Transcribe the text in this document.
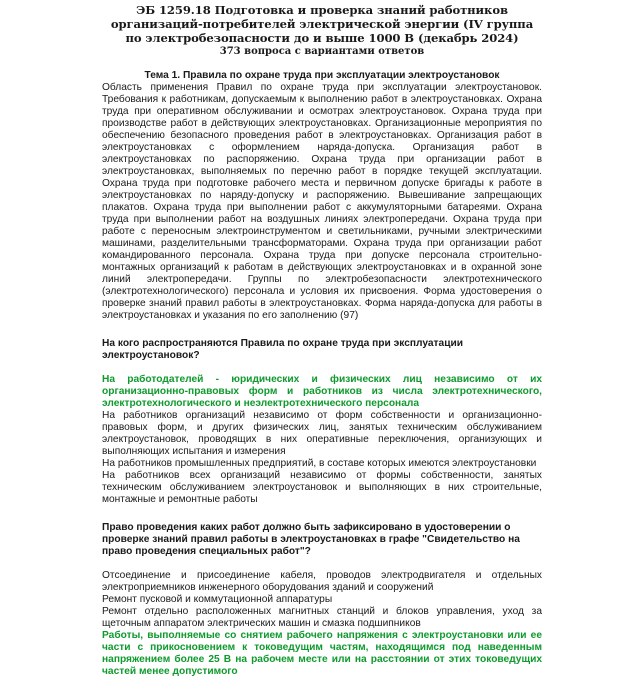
ЭБ 1259.18 Подготовка и проверка знаний работников организаций-потребителей электрической энергии (IV группа по электробезопасности до и выше 1000 В (декабрь 2024)
373 вопроса с вариантами ответов
Тема 1. Правила по охране труда при эксплуатации электроустановок

Область применения Правил по охране труда при эксплуатации электроустановок. Требования к работникам, допускаемым к выполнению работ в электроустановках. Охрана труда при оперативном обслуживании и осмотрах электроустановок. Охрана труда при производстве работ в действующих электроустановках. Организационные мероприятия по обеспечению безопасного проведения работ в электроустановках. Организация работ в электроустановках с оформлением наряда-допуска. Организация работ в электроустановках по распоряжению. Охрана труда при организации работ в электроустановках, выполняемых по перечню работ в порядке текущей эксплуатации. Охрана труда при подготовке рабочего места и первичном допуске бригады к работе в электроустановках по наряду-допуску и распоряжению. Вывешивание запрещающих плакатов. Охрана труда при выполнении работ с аккумуляторными батареями. Охрана труда при выполнении работ на воздушных линиях электропередачи. Охрана труда при работе с переносным электроинструментом и светильниками, ручными электрическими машинами, разделительными трансформаторами. Охрана труда при организации работ командированного персонала. Охрана труда при допуске персонала строительно-монтажных организаций к работам в действующих электроустановках и в охранной зоне линий электропередачи. Группы по электробезопасности электротехнического (электротехнологического) персонала и условия их присвоения. Форма удостоверения о проверке знаний правил работы в электроустановках. Форма наряда-допуска для работы в электроустановках и указания по его заполнению (97)

На кого распространяются Правила по охране труда при эксплуатации электроустановок?

На работодателей - юридических и физических лиц независимо от их организационно-правовых форм и работников из числа электротехнического, электротехнологического и неэлектротехнического персонала

На работников организаций независимо от форм собственности и организационно-правовых форм, и других физических лиц, занятых техническим обслуживанием электроустановок, проводящих в них оперативные переключения, организующих и выполняющих испытания и измерения

На работников промышленных предприятий, в составе которых имеются электроустановки

На работников всех организаций независимо от формы собственности, занятых техническим обслуживанием электроустановок и выполняющих в них строительные, монтажные и ремонтные работы

Право проведения каких работ должно быть зафиксировано в удостоверении о проверке знаний правил работы в электроустановках в графе "Свидетельство на право проведения специальных работ"?

Отсоединение и присоединение кабеля, проводов электродвигателя и отдельных электроприемников инженерного оборудования зданий и сооружений

Ремонт пусковой и коммутационной аппаратуры

Ремонт отдельно расположенных магнитных станций и блоков управления, уход за щеточным аппаратом электрических машин и смазка подшипников

Работы, выполняемые со снятием рабочего напряжения с электроустановки или ее части с прикосновением к токоведущим частям, находящимся под наведенным напряжением более 25 В на рабочем месте или на расстоянии от этих токоведущих частей менее допустимого
